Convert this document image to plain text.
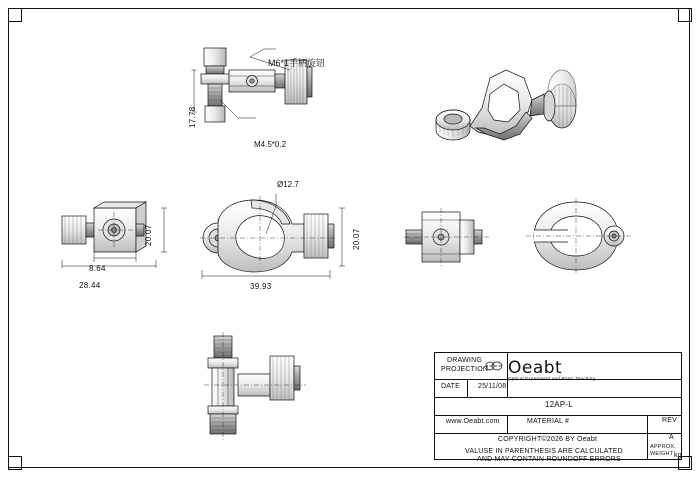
17.78
M6*1手柄旋钮
M4.5*0.2
20.07
8.64
28.44
Ø12.7
20.07
39.93
DRAWING
PROJECTION
DATE	25/11/08
Oeabt
Optical Experiment and Basic Teaching
12AP-L
www.Oeabt.com	MATERIAL #	REV
COPYRIGHT©2026 BY Oeabt	A
VALUSE IN PARENTHESIS ARE CALCULATED
AND MAY CONTAIN ROUNDOFF ERRORS
APPROX.
WEIGHT kg
